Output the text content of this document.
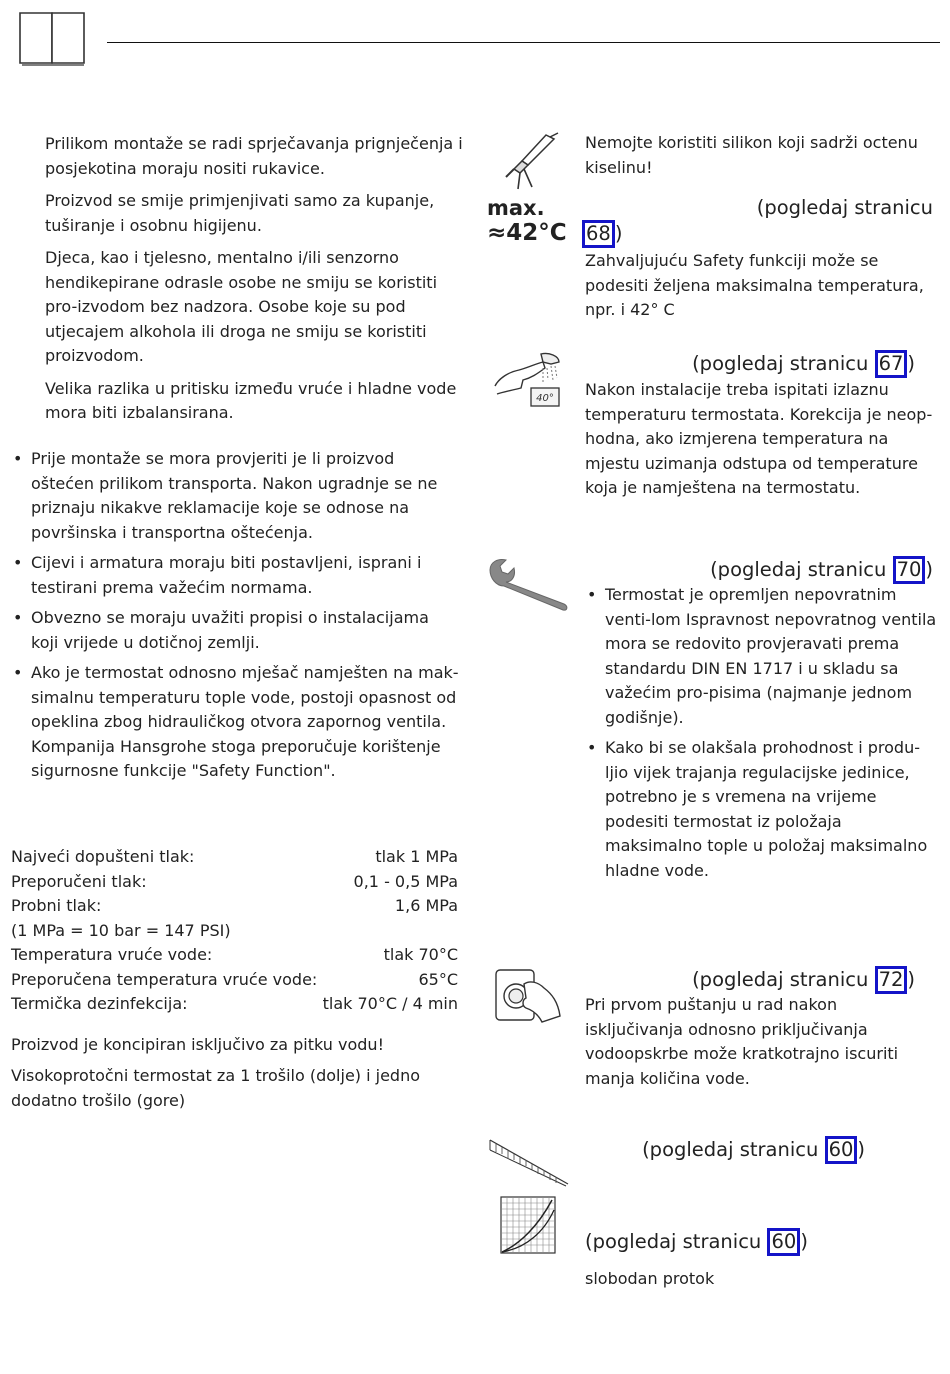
Prilikom montaže se radi sprječavanja prignječenja i posjekotina moraju nositi rukavice.

Proizvod se smije primjenjivati samo za kupanje, tuširanje i osobnu higijenu.

Djeca, kao i tjelesno, mentalno i/ili senzorno hendikepirane odrasle osobe ne smiju se koristiti pro-izvodom bez nadzora. Osobe koje su pod utjecajem alkohola ili droga ne smiju se koristiti proizvodom.

Velika razlika u pritisku između vruće i hladne vode mora biti izbalansirana.

• Prije montaže se mora provjeriti je li proizvod oštećen prilikom transporta. Nakon ugradnje se ne priznaju nikakve reklamacije koje se odnose na površinska i transportna oštećenja.
• Cijevi i armatura moraju biti postavljeni, isprani i testirani prema važećim normama.
• Obvezno se moraju uvažiti propisi o instalacijama koji vrijede u dotičnoj zemlji.
• Ako je termostat odnosno mješač namješten na mak-simalnu temperaturu tople vode, postoji opasnost od opeklina zbog hidrauličkog otvora zapornog ventila. Kompanija Hansgrohe stoga preporučuje korištenje sigurnosne funkcije "Safety Function".
Najveći dopušteni tlak:	tlak 1 MPa
Preporučeni tlak:	0,1 - 0,5 MPa
Probni tlak:	1,6 MPa
(1 MPa = 10 bar = 147 PSI)
Temperatura vruće vode:	tlak 70°C
Preporučena temperatura vruće vode:	65°C
Termička dezinfekcija:	tlak 70°C / 4 min

Proizvod je koncipiran isključivo za pitku vodu!

Visokoprotočni termostat za 1 trošilo (dolje) i jedno dodatno trošilo (gore)

Nemojte koristiti silikon koji sadrži octenu kiselinu!

max.
≈42°C
(pogledaj stranicu
68 )

Zahvaljujuću Safety funkciji može se podesiti željena maksimalna temperatura, npr. i 42° C

40°
(pogledaj stranicu 67 )

Nakon instalacije treba ispitati izlaznu temperaturu termostata. Korekcija je neop-hodna, ako izmjerena temperatura na mjestu uzimanja odstupa od temperature koja je namještena na termostatu.

(pogledaj stranicu 70 )
• Termostat je opremljen nepovratnim venti-lom Ispravnost nepovratnog ventila mora se redovito provjeravati prema standardu DIN EN 1717 i u skladu sa važećim pro-pisima (najmanje jednom godišnje).
• Kako bi se olakšala prohodnost i produ-ljio vijek trajanja regulacijske jedinice, potrebno je s vremena na vrijeme podesiti termostat iz položaja maksimalno tople u položaj maksimalno hladne vode.
(pogledaj stranicu 72 )

Pri prvom puštanju u rad nakon isključivanja odnosno priključivanja vodoopskrbe može kratkotrajno iscuriti manja količina vode.

(pogledaj stranicu 60 )
(pogledaj stranicu 60 )

slobodan protok
